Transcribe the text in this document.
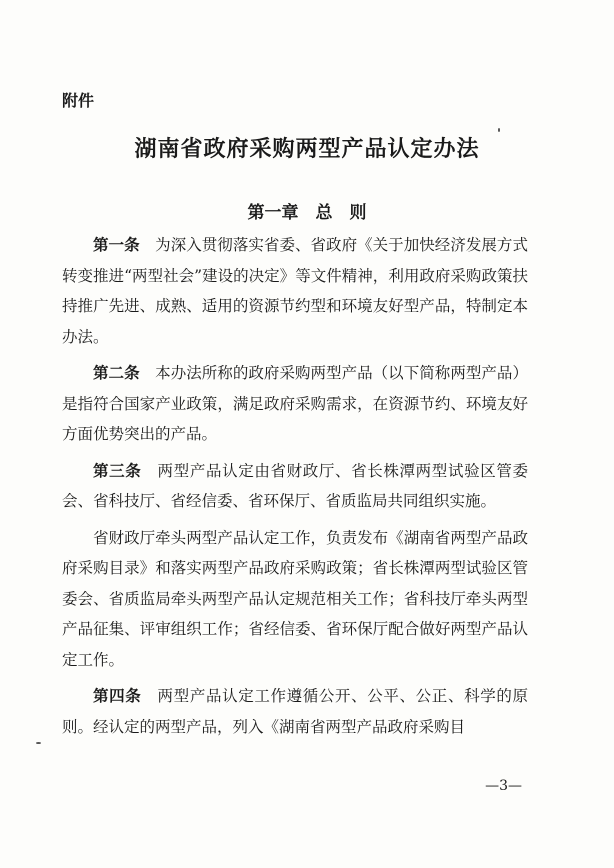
附件
湖南省政府采购两型产品认定办法
第一章　总　则

第一条　 为深入贯彻落实省委、省政府《关于加快经济发展方式转变推进“两型社会”建设的决定》等文件精神，利用政府采购政策扶持推广先进、成熟、适用的资源节约型和环境友好型产品，特制定本办法。

第二条　 本办法所称的政府采购两型产品（以下简称两型产品）是指符合国家产业政策，满足政府采购需求，在资源节约、环境友好方面优势突出的产品。

第三条　 两型产品认定由省财政厅、省长株潭两型试验区管委会、省科技厅、省经信委、省环保厅、省质监局共同组织实施。

省财政厅牵头两型产品认定工作，负责发布《湖南省两型产品政府采购目录》和落实两型产品政府采购政策；省长株潭两型试验区管委会、省质监局牵头两型产品认定规范相关工作；省科技厅牵头两型产品征集、评审组织工作；省经信委、省环保厅配合做好两型产品认定工作。

第四条　 两型产品认定工作遵循公开、公平、公正、科学的原则。经认定的两型产品，列入《湖南省两型产品政府采购目

—3—
